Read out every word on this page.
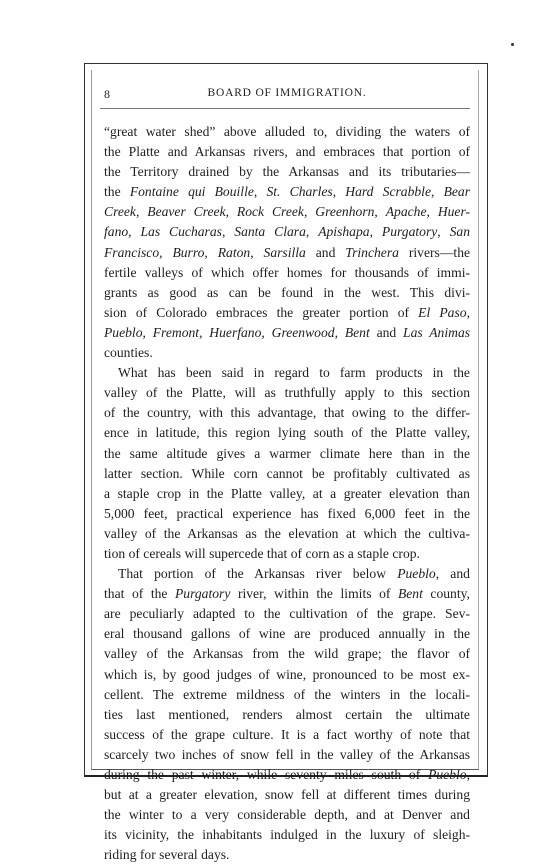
8	BOARD OF IMMIGRATION.
“great water shed” above alluded to, dividing the waters of
the Platte and Arkansas rivers, and embraces that portion of
the Territory drained by the Arkansas and its tributaries—
the Fontaine qui Bouille, St. Charles, Hard Scrabble, Bear
Creek, Beaver Creek, Rock Creek, Greenhorn, Apache, Huer-
fano, Las Cucharas, Santa Clara, Apishapa, Purgatory, San
Francisco, Burro, Raton, Sarsilla and Trinchera rivers—the
fertile valleys of which offer homes for thousands of immi-
grants as good as can be found in the west. This divi-
sion of Colorado embraces the greater portion of El Paso,
Pueblo, Fremont, Huerfano, Greenwood, Bent and Las Animas
counties.
What has been said in regard to farm products in the
valley of the Platte, will as truthfully apply to this section
of the country, with this advantage, that owing to the differ-
ence in latitude, this region lying south of the Platte valley,
the same altitude gives a warmer climate here than in the
latter section. While corn cannot be profitably cultivated as
a staple crop in the Platte valley, at a greater elevation than
5,000 feet, practical experience has fixed 6,000 feet in the
valley of the Arkansas as the elevation at which the cultiva-
tion of cereals will supercede that of corn as a staple crop.
That portion of the Arkansas river below Pueblo, and
that of the Purgatory river, within the limits of Bent county,
are peculiarly adapted to the cultivation of the grape. Sev-
eral thousand gallons of wine are produced annually in the
valley of the Arkansas from the wild grape; the flavor of
which is, by good judges of wine, pronounced to be most ex-
cellent. The extreme mildness of the winters in the locali-
ties last mentioned, renders almost certain the ultimate
success of the grape culture. It is a fact worthy of note that
scarcely two inches of snow fell in the valley of the Arkansas
during the past winter, while seventy miles south of Pueblo,
but at a greater elevation, snow fell at different times during
the winter to a very considerable depth, and at Denver and
its vicinity, the inhabitants indulged in the luxury of sleigh-
riding for several days.
